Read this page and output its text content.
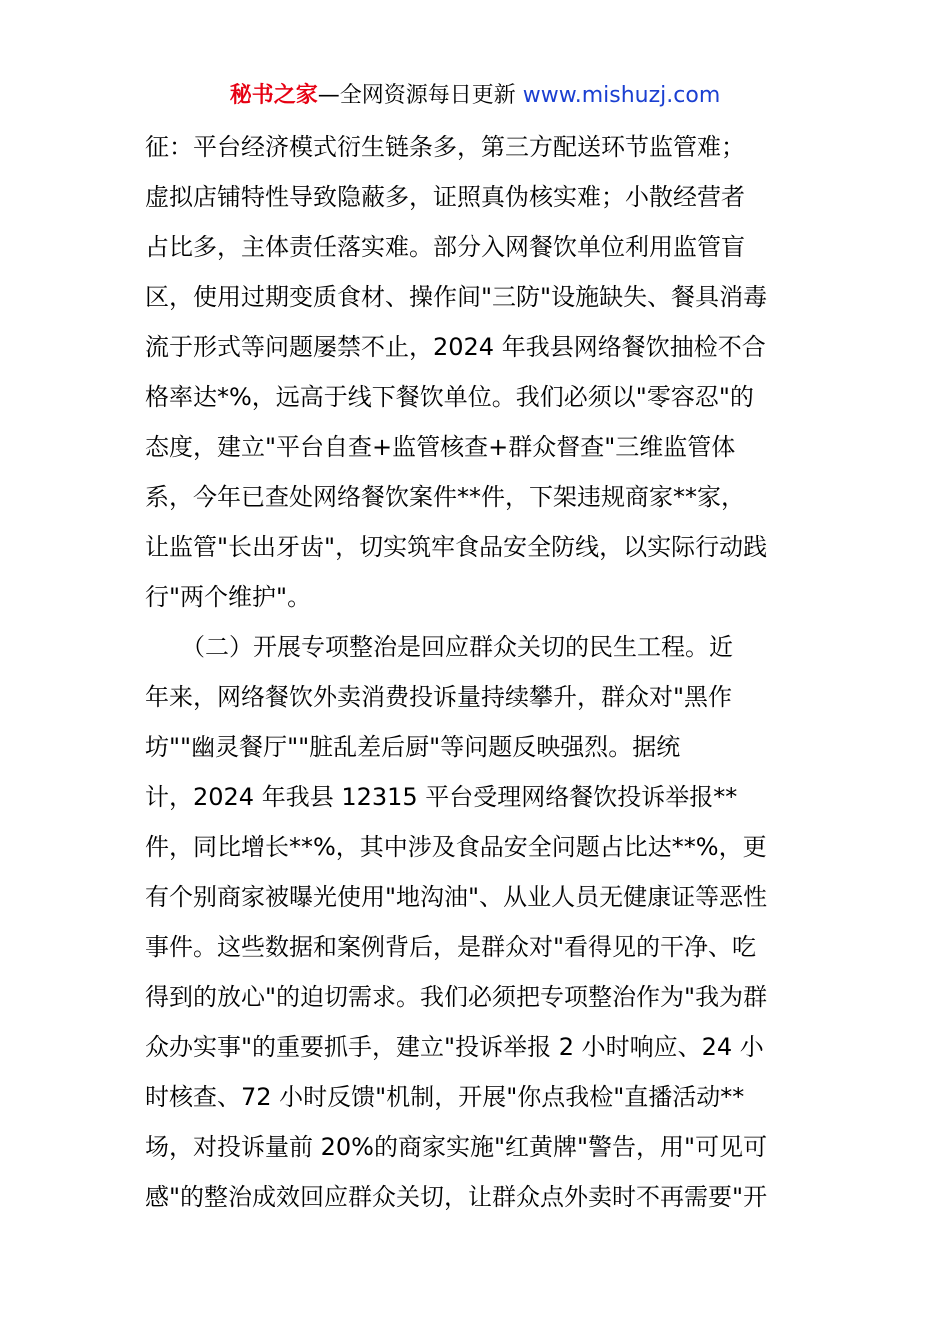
秘书之家—全网资源每日更新 www.mishuzj.com
征：平台经济模式衍生链条多，第三方配送环节监管难；
虚拟店铺特性导致隐蔽多，证照真伪核实难；小散经营者
占比多，主体责任落实难。部分入网餐饮单位利用监管盲
区，使用过期变质食材、操作间"三防"设施缺失、餐具消毒
流于形式等问题屡禁不止，2024 年我县网络餐饮抽检不合
格率达*%，远高于线下餐饮单位。我们必须以"零容忍"的
态度，建立"平台自查+监管核查+群众督查"三维监管体
系，今年已查处网络餐饮案件**件，下架违规商家**家，
让监管"长出牙齿"，切实筑牢食品安全防线，以实际行动践
行"两个维护"。
　　（二）开展专项整治是回应群众关切的民生工程。近
年来，网络餐饮外卖消费投诉量持续攀升，群众对"黑作
坊""幽灵餐厅""脏乱差后厨"等问题反映强烈。据统
计，2024 年我县 12315 平台受理网络餐饮投诉举报**
件，同比增长**%，其中涉及食品安全问题占比达**%，更
有个别商家被曝光使用"地沟油"、从业人员无健康证等恶性
事件。这些数据和案例背后，是群众对"看得见的干净、吃
得到的放心"的迫切需求。我们必须把专项整治作为"我为群
众办实事"的重要抓手，建立"投诉举报 2 小时响应、24 小
时核查、72 小时反馈"机制，开展"你点我检"直播活动**
场，对投诉量前 20%的商家实施"红黄牌"警告，用"可见可
感"的整治成效回应群众关切，让群众点外卖时不再需要"开
